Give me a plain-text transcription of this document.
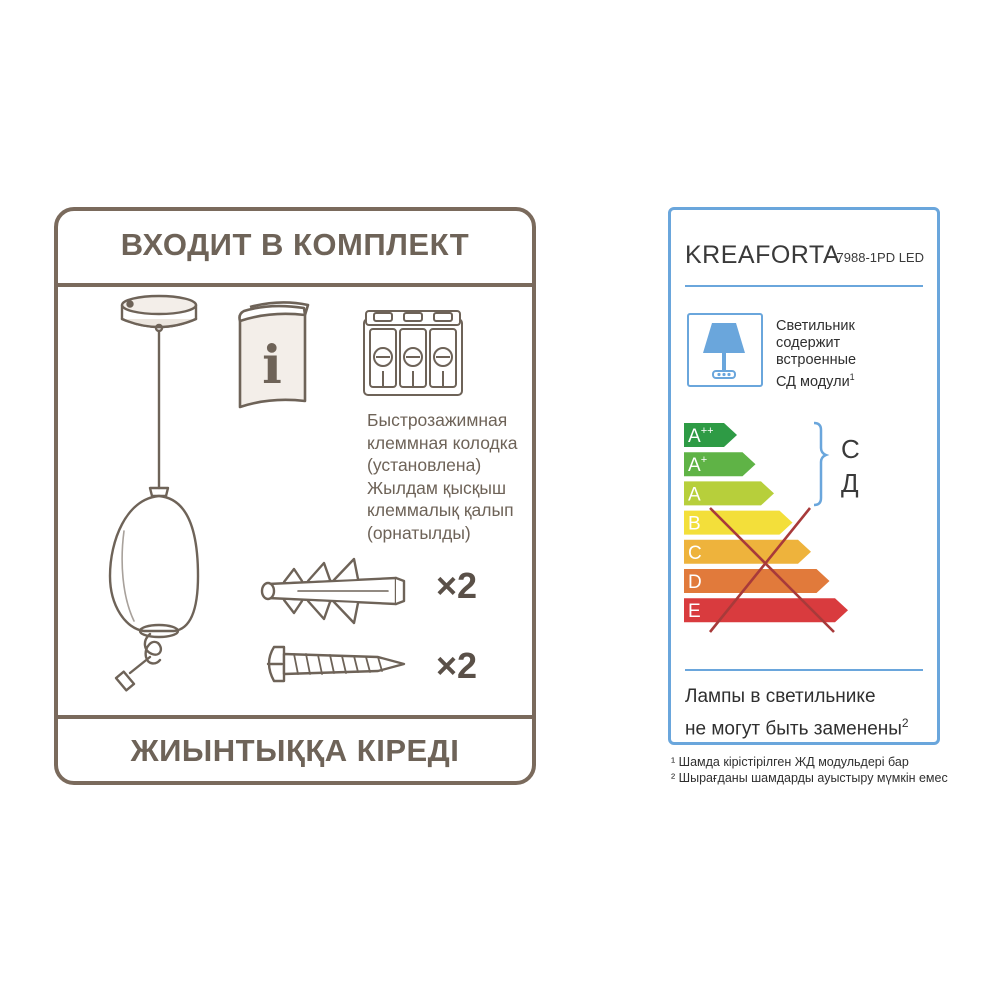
ВХОДИТ В КОМПЛЕКТ
i
Быстрозажимная
клеммная колодка
(установлена)
Жылдам қысқыш
клеммалық қалып
(орнатылды)
×2
×2
ЖИЫНТЫҚҚА КІРЕДІ
KREAFORTA
7988-1PD LED
Светильник
содержит
встроенные
СД модули$^1$
A++
A+
A
B
C
D
E
С
Д
Лампы в светильнике
не могут быть заменены$^2$
¹ Шамда кірістірілген ЖД модульдері бар
² Шырағданы шамдарды ауыстыру мүмкін емес
